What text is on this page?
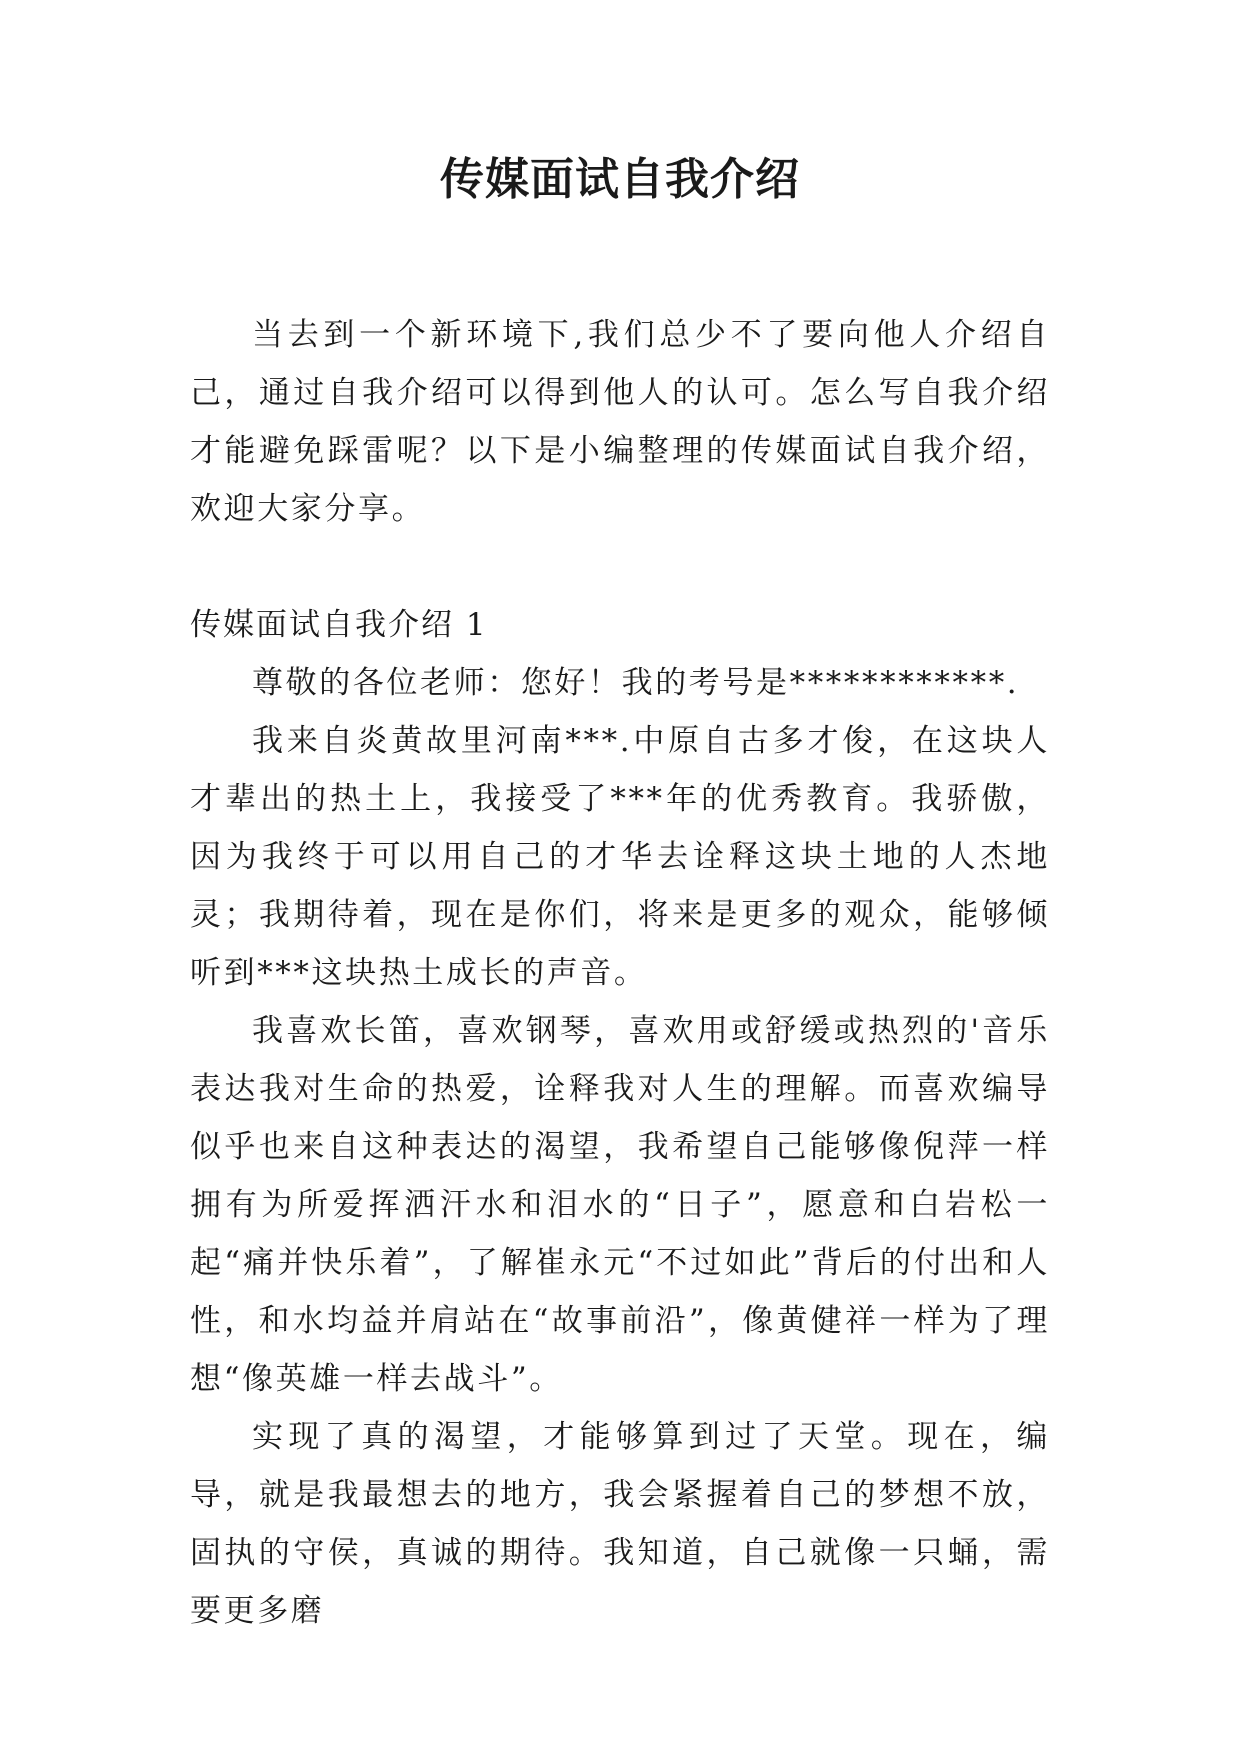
传媒面试自我介绍

当去到一个新环境下,我们总少不了要向他人介绍自己，通过自我介绍可以得到他人的认可。怎么写自我介绍才能避免踩雷呢？以下是小编整理的传媒面试自我介绍，欢迎大家分享。

传媒面试自我介绍 1

尊敬的各位老师：您好！我的考号是************.

我来自炎黄故里河南***.中原自古多才俊，在这块人才辈出的热土上，我接受了***年的优秀教育。我骄傲，因为我终于可以用自己的才华去诠释这块土地的人杰地灵；我期待着，现在是你们，将来是更多的观众，能够倾听到***这块热土成长的声音。

我喜欢长笛，喜欢钢琴，喜欢用或舒缓或热烈的'音乐表达我对生命的热爱，诠释我对人生的理解。而喜欢编导似乎也来自这种表达的渴望，我希望自己能够像倪萍一样拥有为所爱挥洒汗水和泪水的“日子”，愿意和白岩松一起“痛并快乐着”，了解崔永元“不过如此”背后的付出和人性，和水均益并肩站在“故事前沿”，像黄健祥一样为了理想“像英雄一样去战斗”。

实现了真的渴望，才能够算到过了天堂。现在，编导，就是我最想去的地方，我会紧握着自己的梦想不放，固执的守侯，真诚的期待。我知道，自己就像一只蛹，需要更多磨
